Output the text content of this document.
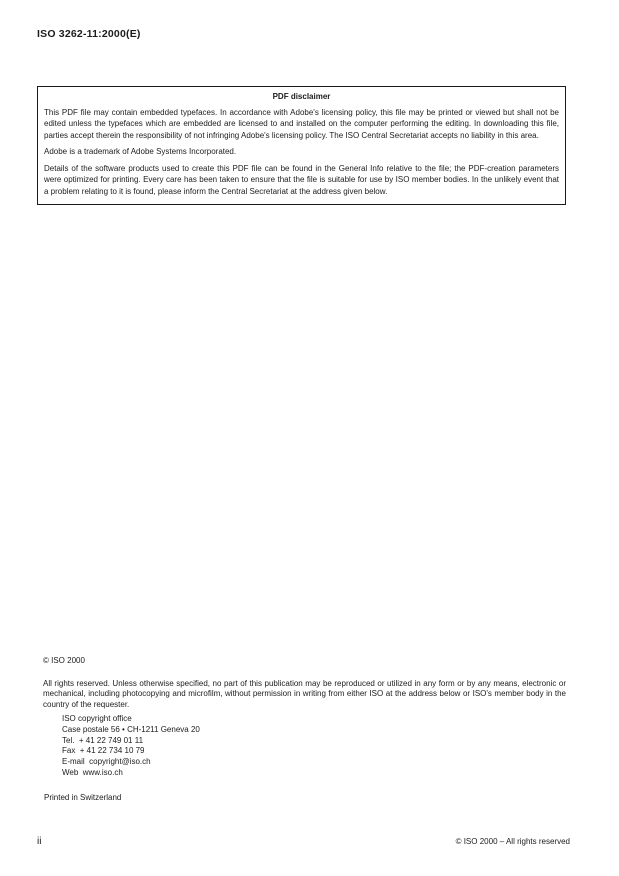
ISO 3262-11:2000(E)
PDF disclaimer

This PDF file may contain embedded typefaces. In accordance with Adobe's licensing policy, this file may be printed or viewed but shall not be edited unless the typefaces which are embedded are licensed to and installed on the computer performing the editing. In downloading this file, parties accept therein the responsibility of not infringing Adobe's licensing policy. The ISO Central Secretariat accepts no liability in this area.

Adobe is a trademark of Adobe Systems Incorporated.

Details of the software products used to create this PDF file can be found in the General Info relative to the file; the PDF-creation parameters were optimized for printing. Every care has been taken to ensure that the file is suitable for use by ISO member bodies. In the unlikely event that a problem relating to it is found, please inform the Central Secretariat at the address given below.

© ISO 2000

All rights reserved. Unless otherwise specified, no part of this publication may be reproduced or utilized in any form or by any means, electronic or mechanical, including photocopying and microfilm, without permission in writing from either ISO at the address below or ISO's member body in the country of the requester.

ISO copyright office
Case postale 56 • CH-1211 Geneva 20
Tel.  + 41 22 749 01 11
Fax  + 41 22 734 10 79
E-mail  copyright@iso.ch
Web  www.iso.ch
Printed in Switzerland
ii	© ISO 2000 – All rights reserved
